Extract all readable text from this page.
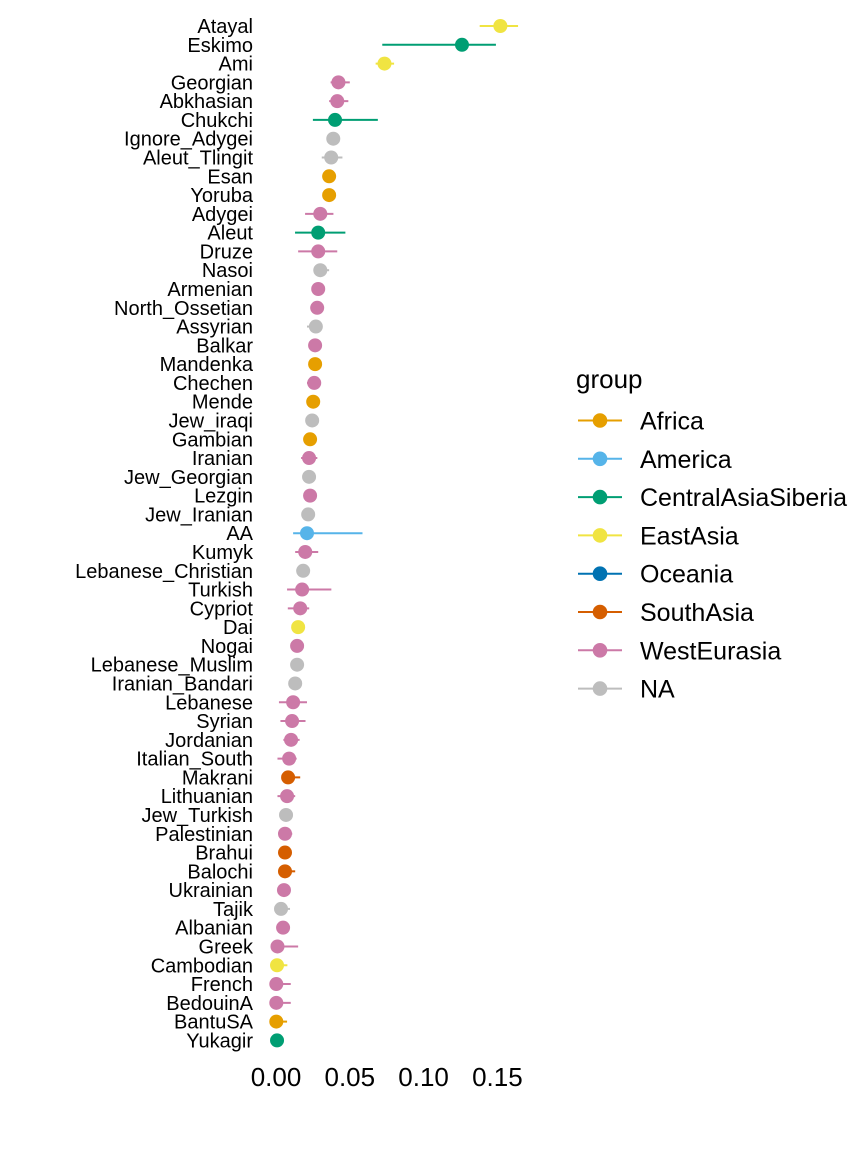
Atayal
Eskimo
Ami
Georgian
Abkhasian
Chukchi
Ignore_Adygei
Aleut_Tlingit
Esan
Yoruba
Adygei
Aleut
Druze
Nasoi
Armenian
North_Ossetian
Assyrian
Balkar
Mandenka
Chechen
Mende
Jew_iraqi
Gambian
Iranian
Jew_Georgian
Lezgin
Jew_Iranian
AA
Kumyk
Lebanese_Christian
Turkish
Cypriot
Dai
Nogai
Lebanese_Muslim
Iranian_Bandari
Lebanese
Syrian
Jordanian
Italian_South
Makrani
Lithuanian
Jew_Turkish
Palestinian
Brahui
Balochi
Ukrainian
Tajik
Albanian
Greek
Cambodian
French
BedouinA
BantuSA
Yukagir
0.00 0.05 0.10 0.15
Africa
America
CentralAsiaSiberia
EastAsia
Oceania
SouthAsia
WestEurasia
NA
group
